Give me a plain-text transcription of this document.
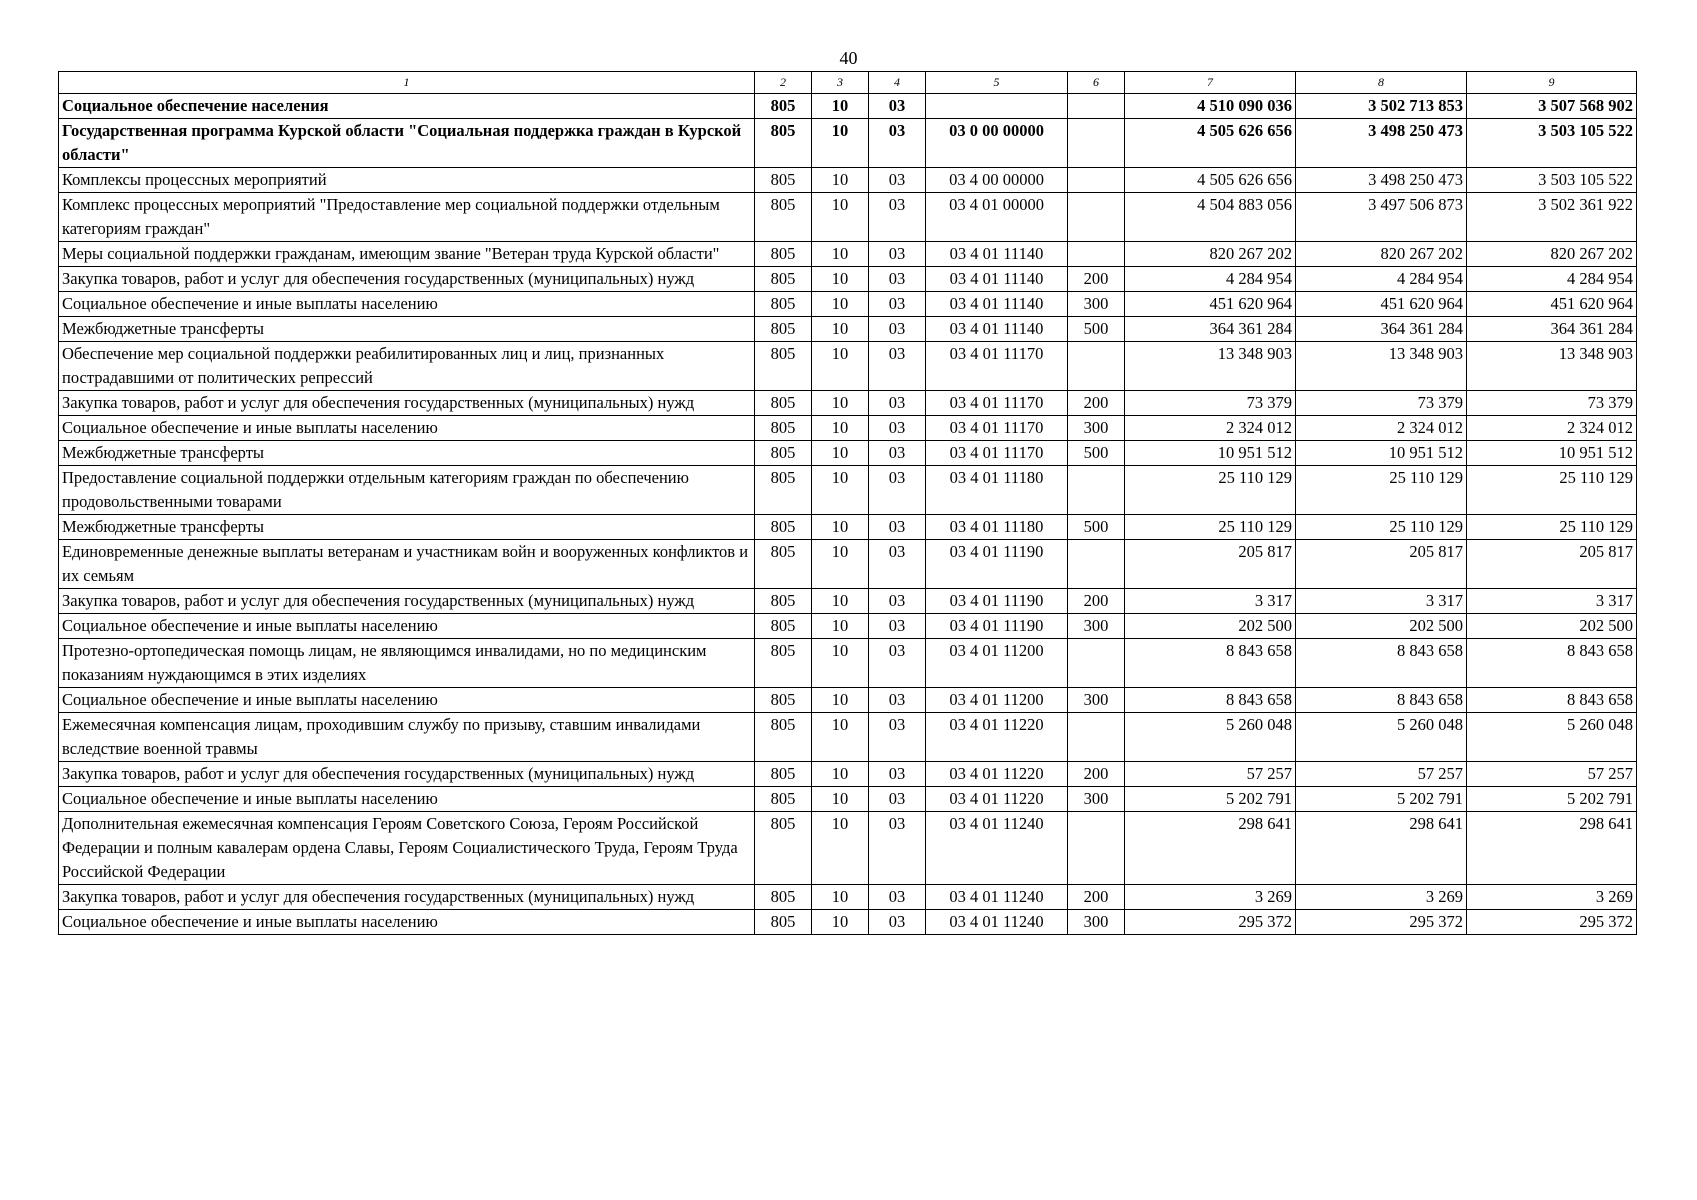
40
1	2	3	4	5	6	7	8	9
Социальное обеспечение населения	805	10	03			4 510 090 036	3 502 713 853	3 507 568 902
Государственная программа Курской области "Социальная поддержка граждан в Курской области"	805	10	03	03 0 00 00000		4 505 626 656	3 498 250 473	3 503 105 522
Комплексы процессных мероприятий	805	10	03	03 4 00 00000		4 505 626 656	3 498 250 473	3 503 105 522
Комплекс процессных мероприятий "Предоставление мер социальной поддержки отдельным категориям граждан"	805	10	03	03 4 01 00000		4 504 883 056	3 497 506 873	3 502 361 922
Меры социальной поддержки гражданам, имеющим звание "Ветеран труда Курской области"	805	10	03	03 4 01 11140		820 267 202	820 267 202	820 267 202
Закупка товаров, работ и услуг для обеспечения государственных (муниципальных) нужд	805	10	03	03 4 01 11140	200	4 284 954	4 284 954	4 284 954
Социальное обеспечение и иные выплаты населению	805	10	03	03 4 01 11140	300	451 620 964	451 620 964	451 620 964
Межбюджетные трансферты	805	10	03	03 4 01 11140	500	364 361 284	364 361 284	364 361 284
Обеспечение мер социальной поддержки реабилитированных лиц и лиц, признанных пострадавшими от политических репрессий	805	10	03	03 4 01 11170		13 348 903	13 348 903	13 348 903
Закупка товаров, работ и услуг для обеспечения государственных (муниципальных) нужд	805	10	03	03 4 01 11170	200	73 379	73 379	73 379
Социальное обеспечение и иные выплаты населению	805	10	03	03 4 01 11170	300	2 324 012	2 324 012	2 324 012
Межбюджетные трансферты	805	10	03	03 4 01 11170	500	10 951 512	10 951 512	10 951 512
Предоставление социальной поддержки отдельным категориям граждан по обеспечению продовольственными товарами	805	10	03	03 4 01 11180		25 110 129	25 110 129	25 110 129
Межбюджетные трансферты	805	10	03	03 4 01 11180	500	25 110 129	25 110 129	25 110 129
Единовременные денежные выплаты ветеранам и участникам войн и вооруженных конфликтов и их семьям	805	10	03	03 4 01 11190		205 817	205 817	205 817
Закупка товаров, работ и услуг для обеспечения государственных (муниципальных) нужд	805	10	03	03 4 01 11190	200	3 317	3 317	3 317
Социальное обеспечение и иные выплаты населению	805	10	03	03 4 01 11190	300	202 500	202 500	202 500
Протезно-ортопедическая помощь лицам, не являющимся инвалидами, но по медицинским показаниям нуждающимся в этих изделиях	805	10	03	03 4 01 11200		8 843 658	8 843 658	8 843 658
Социальное обеспечение и иные выплаты населению	805	10	03	03 4 01 11200	300	8 843 658	8 843 658	8 843 658
Ежемесячная компенсация лицам, проходившим службу по призыву, ставшим инвалидами вследствие военной травмы	805	10	03	03 4 01 11220		5 260 048	5 260 048	5 260 048
Закупка товаров, работ и услуг для обеспечения государственных (муниципальных) нужд	805	10	03	03 4 01 11220	200	57 257	57 257	57 257
Социальное обеспечение и иные выплаты населению	805	10	03	03 4 01 11220	300	5 202 791	5 202 791	5 202 791
Дополнительная ежемесячная компенсация Героям Советского Союза, Героям Российской Федерации и полным кавалерам ордена Славы, Героям Социалистического Труда, Героям Труда Российской Федерации	805	10	03	03 4 01 11240		298 641	298 641	298 641
Закупка товаров, работ и услуг для обеспечения государственных (муниципальных) нужд	805	10	03	03 4 01 11240	200	3 269	3 269	3 269
Социальное обеспечение и иные выплаты населению	805	10	03	03 4 01 11240	300	295 372	295 372	295 372
